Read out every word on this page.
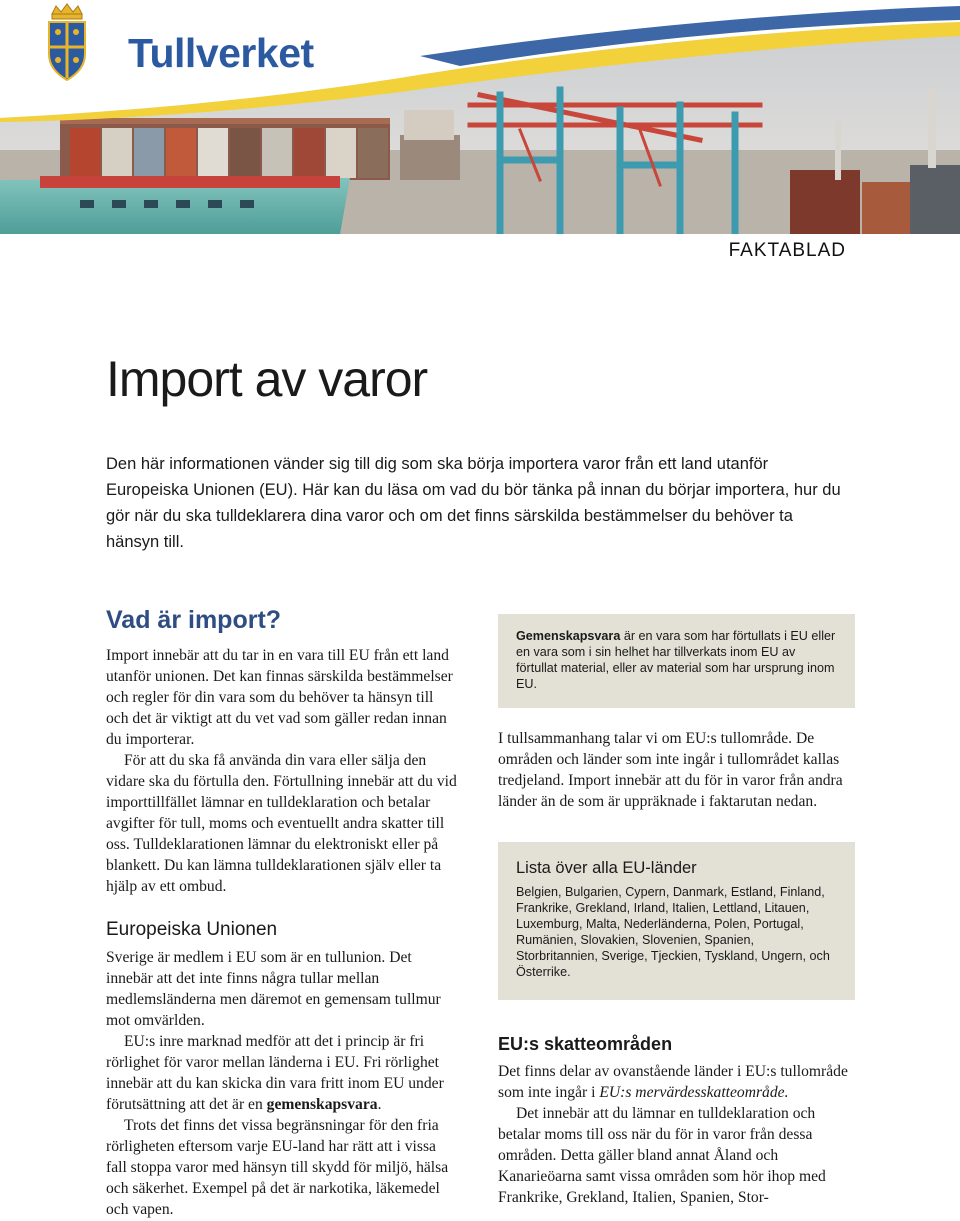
Tullverket
FAKTABLAD
Import av varor

Den här informationen vänder sig till dig som ska börja importera varor från ett land utanför Europeiska Unionen (EU). Här kan du läsa om vad du bör tänka på innan du börjar importera, hur du gör när du ska tulldeklarera dina varor och om det finns särskilda bestämmelser du behöver ta hänsyn till.

Vad är import?

Import innebär att du tar in en vara till EU från ett land utanför unionen. Det kan finnas särskilda bestämmelser och regler för din vara som du behöver ta hänsyn till och det är viktigt att du vet vad som gäller redan innan du importerar.

För att du ska få använda din vara eller sälja den vidare ska du förtulla den. Förtullning innebär att du vid importtillfället lämnar en tulldeklaration och betalar avgifter för tull, moms och eventuellt andra skatter till oss. Tulldeklarationen lämnar du elektroniskt eller på blankett. Du kan lämna tulldeklarationen själv eller ta hjälp av ett ombud.

Europeiska Unionen

Sverige är medlem i EU som är en tullunion. Det innebär att det inte finns några tullar mellan medlemsländerna men däremot en gemensam tullmur mot omvärlden.

EU:s inre marknad medför att det i princip är fri rörlighet för varor mellan länderna i EU. Fri rörlighet innebär att du kan skicka din vara fritt inom EU under förutsättning att det är en gemenskapsvara.

Trots det finns det vissa begränsningar för den fria rörligheten eftersom varje EU-land har rätt att i vissa fall stoppa varor med hänsyn till skydd för miljö, hälsa och säkerhet. Exempel på det är narkotika, läkemedel och vapen.

Gemenskapsvara är en vara som har förtullats i EU eller en vara som i sin helhet har tillverkats inom EU av förtullat material, eller av material som har ursprung inom EU.

I tullsammanhang talar vi om EU:s tullområde. De områden och länder som inte ingår i tullområdet kallas tredjeland. Import innebär att du för in varor från andra länder än de som är uppräknade i faktarutan nedan.

Lista över alla EU-länder
Belgien, Bulgarien, Cypern, Danmark, Estland, Finland, Frankrike, Grekland, Irland, Italien, Lettland, Litauen, Luxemburg, Malta, Nederländerna, Polen, Portugal, Rumänien, Slovakien, Slovenien, Spanien, Storbritannien, Sverige, Tjeckien, Tyskland, Ungern, och Österrike.
EU:s skatteområden

Det finns delar av ovanstående länder i EU:s tullområde som inte ingår i EU:s mervärdesskatteområde.

Det innebär att du lämnar en tulldeklaration och betalar moms till oss när du för in varor från dessa områden. Detta gäller bland annat Åland och Kanarieöarna samt vissa områden som hör ihop med Frankrike, Grekland, Italien, Spanien, Stor-
